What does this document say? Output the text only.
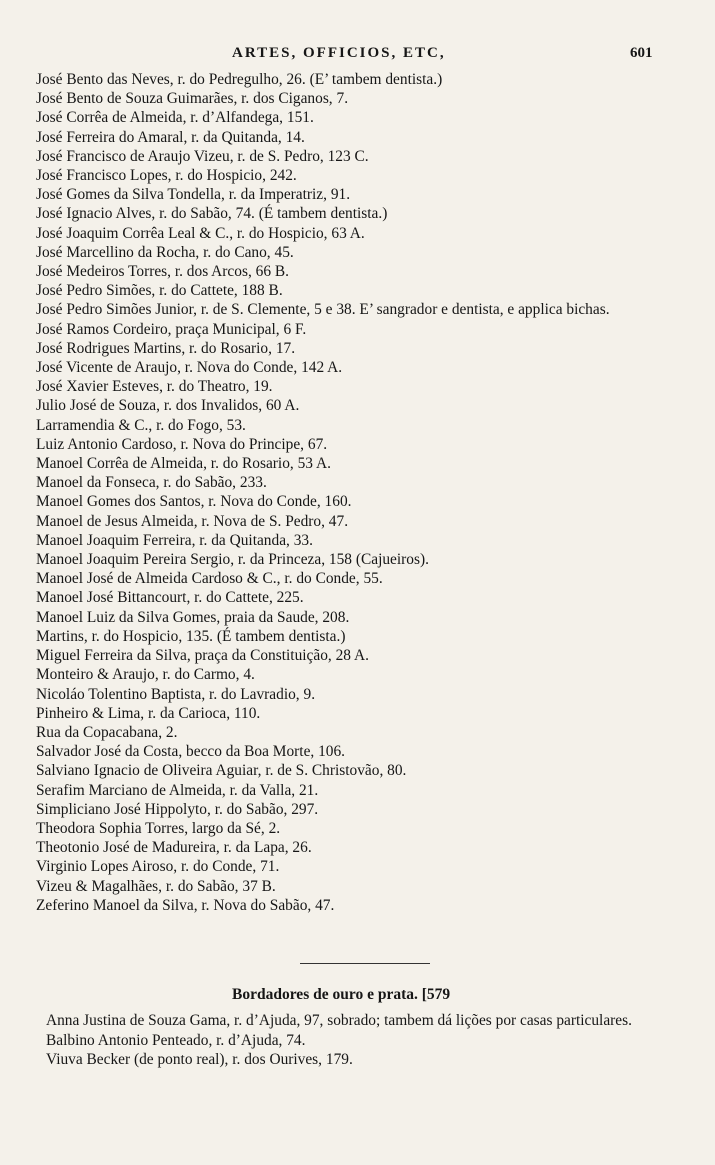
ARTES, OFFICIOS, ETC,	601
José Bento das Neves, r. do Pedregulho, 26. (E’ tambem dentista.)
José Bento de Souza Guimarães, r. dos Ciganos, 7.
José Corrêa de Almeida, r. d’Alfandega, 151.
José Ferreira do Amaral, r. da Quitanda, 14.
José Francisco de Araujo Vizeu, r. de S. Pedro, 123 C.
José Francisco Lopes, r. do Hospicio, 242.
José Gomes da Silva Tondella, r. da Imperatriz, 91.
José Ignacio Alves, r. do Sabão, 74. (É tambem dentista.)
José Joaquim Corrêa Leal & C., r. do Hospicio, 63 A.
José Marcellino da Rocha, r. do Cano, 45.
José Medeiros Torres, r. dos Arcos, 66 B.
José Pedro Simões, r. do Cattete, 188 B.
José Pedro Simões Junior, r. de S. Clemente, 5 e 38. E’ sangrador e dentista, e applica bichas.
José Ramos Cordeiro, praça Municipal, 6 F.
José Rodrigues Martins, r. do Rosario, 17.
José Vicente de Araujo, r. Nova do Conde, 142 A.
José Xavier Esteves, r. do Theatro, 19.
Julio José de Souza, r. dos Invalidos, 60 A.
Larramendia & C., r. do Fogo, 53.
Luiz Antonio Cardoso, r. Nova do Principe, 67.
Manoel Corrêa de Almeida, r. do Rosario, 53 A.
Manoel da Fonseca, r. do Sabão, 233.
Manoel Gomes dos Santos, r. Nova do Conde, 160.
Manoel de Jesus Almeida, r. Nova de S. Pedro, 47.
Manoel Joaquim Ferreira, r. da Quitanda, 33.
Manoel Joaquim Pereira Sergio, r. da Princeza, 158 (Cajueiros).
Manoel José de Almeida Cardoso & C., r. do Conde, 55.
Manoel José Bittancourt, r. do Cattete, 225.
Manoel Luiz da Silva Gomes, praia da Saude, 208.
Martins, r. do Hospicio, 135. (É tambem dentista.)
Miguel Ferreira da Silva, praça da Constituição, 28 A.
Monteiro & Araujo, r. do Carmo, 4.
Nicoláo Tolentino Baptista, r. do Lavradio, 9.
Pinheiro & Lima, r. da Carioca, 110.
Rua da Copacabana, 2.
Salvador José da Costa, becco da Boa Morte, 106.
Salviano Ignacio de Oliveira Aguiar, r. de S. Christovão, 80.
Serafim Marciano de Almeida, r. da Valla, 21.
Simpliciano José Hippolyto, r. do Sabão, 297.
Theodora Sophia Torres, largo da Sé, 2.
Theotonio José de Madureira, r. da Lapa, 26.
Virginio Lopes Airoso, r. do Conde, 71.
Vizeu & Magalhães, r. do Sabão, 37 B.
Zeferino Manoel da Silva, r. Nova do Sabão, 47.
Bordadores de ouro e prata. [579
Anna Justina de Souza Gama, r. d’Ajuda, 97, sobrado; tambem dá lições por casas particulares.
Balbino Antonio Penteado, r. d’Ajuda, 74.
Viuva Becker (de ponto real), r. dos Ourives, 179.
